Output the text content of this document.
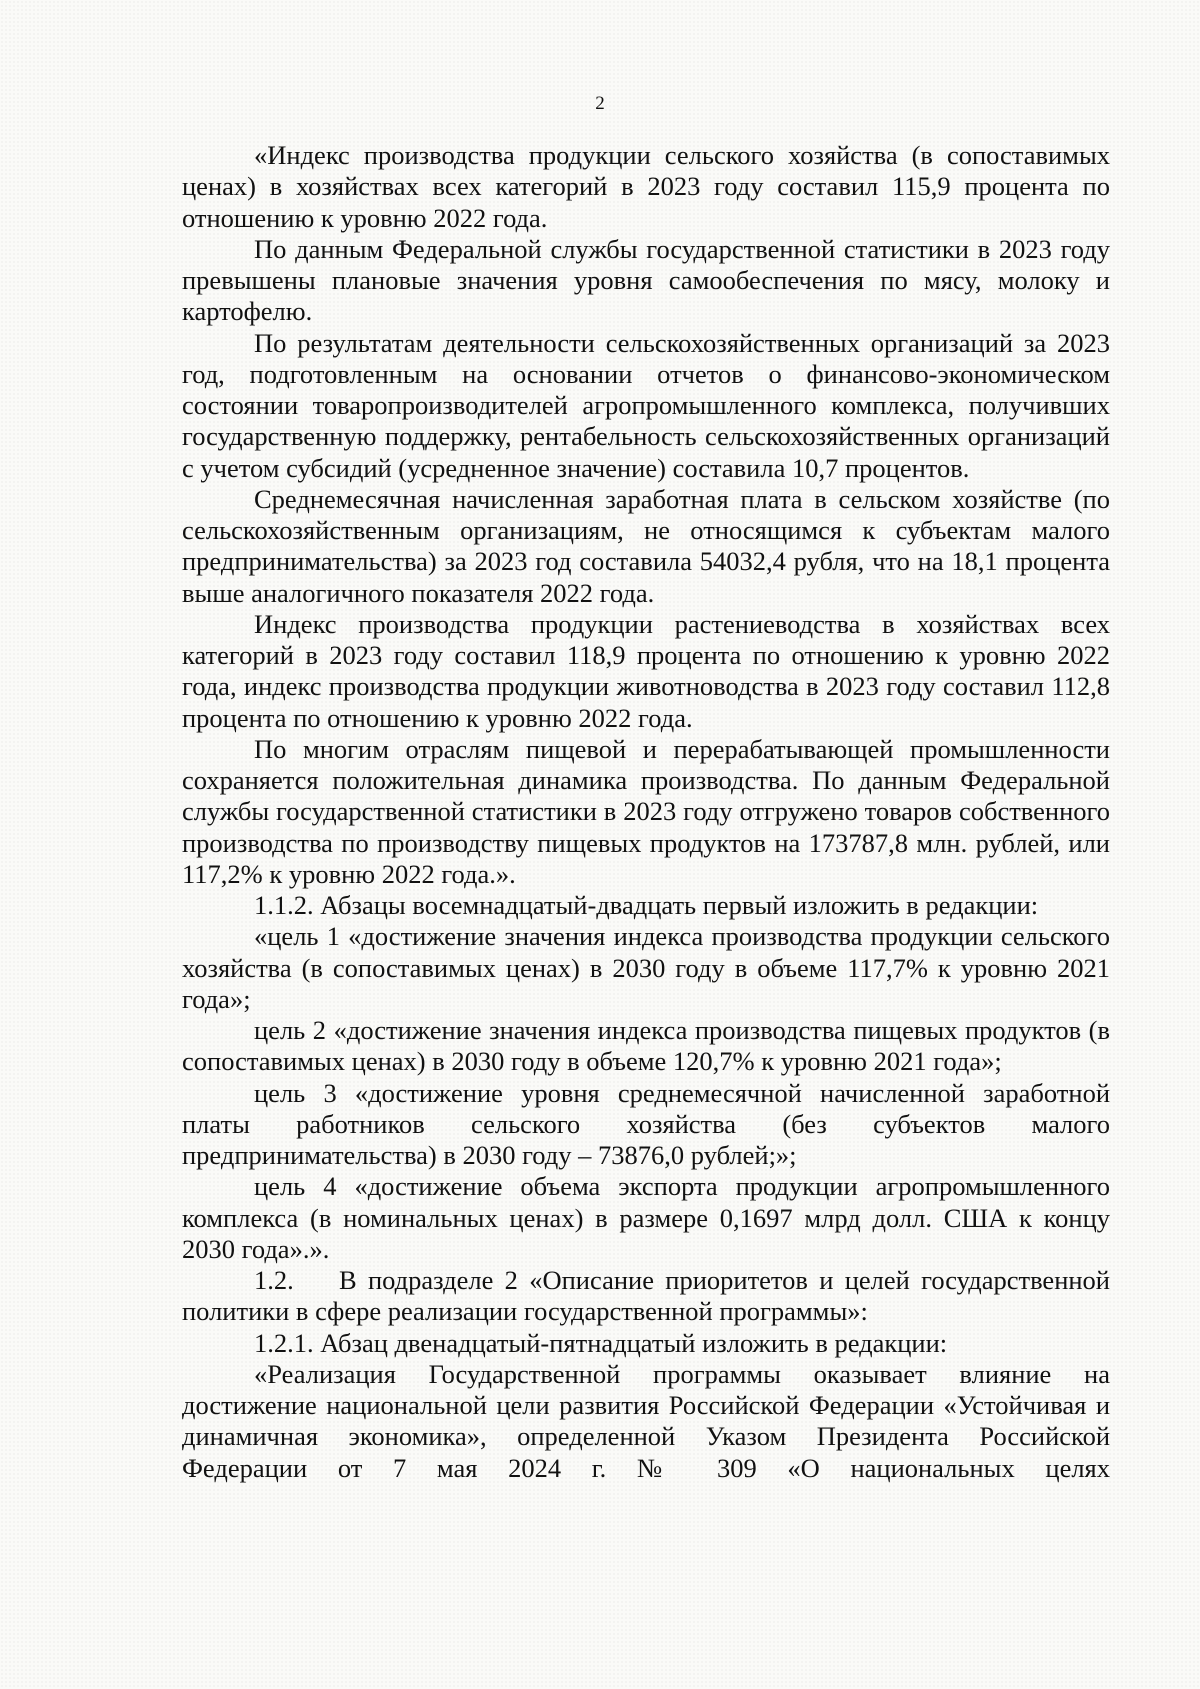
2

«Индекс производства продукции сельского хозяйства (в сопоставимых ценах) в хозяйствах всех категорий в 2023 году составил 115,9 процента по отношению к уровню 2022 года.

По данным Федеральной службы государственной статистики в 2023 году превышены плановые значения уровня самообеспечения по мясу, молоку и картофелю.

По результатам деятельности сельскохозяйственных организаций за 2023 год, подготовленным на основании отчетов о финансово-экономическом состоянии товаропроизводителей агропромышленного комплекса, получивших государственную поддержку, рентабельность сельскохозяйственных организаций с учетом субсидий (усредненное значение) составила 10,7 процентов.

Среднемесячная начисленная заработная плата в сельском хозяйстве (по сельскохозяйственным организациям, не относящимся к субъектам малого предпринимательства) за 2023 год составила 54032,4 рубля, что на 18,1 процента выше аналогичного показателя 2022 года.

Индекс производства продукции растениеводства в хозяйствах всех категорий в 2023 году составил 118,9 процента по отношению к уровню 2022 года, индекс производства продукции животноводства в 2023 году составил 112,8 процента по отношению к уровню 2022 года.

По многим отраслям пищевой и перерабатывающей промышленности сохраняется положительная динамика производства. По данным Федеральной службы государственной статистики в 2023 году отгружено товаров собственного производства по производству пищевых продуктов на 173787,8 млн. рублей, или 117,2% к уровню 2022 года.».

1.1.2. Абзацы восемнадцатый-двадцать первый изложить в редакции:

«цель 1 «достижение значения индекса производства продукции сельского хозяйства (в сопоставимых ценах) в 2030 году в объеме 117,7% к уровню 2021 года»;

цель 2 «достижение значения индекса производства пищевых продуктов (в сопоставимых ценах) в 2030 году в объеме 120,7% к уровню 2021 года»;

цель 3 «достижение уровня среднемесячной начисленной заработной платы работников сельского хозяйства (без субъектов малого предпринимательства) в 2030 году – 73876,0 рублей;»;

цель 4 «достижение объема экспорта продукции агропромышленного комплекса (в номинальных ценах) в размере 0,1697 млрд долл. США к концу 2030 года».».

1.2.    В подразделе 2 «Описание приоритетов и целей государственной политики в сфере реализации государственной программы»:

1.2.1. Абзац двенадцатый-пятнадцатый изложить в редакции:

«Реализация Государственной программы оказывает влияние на достижение национальной цели развития Российской Федерации «Устойчивая и динамичная экономика», определенной Указом Президента Российской Федерации от 7 мая 2024 г. № 309 «О национальных целях
